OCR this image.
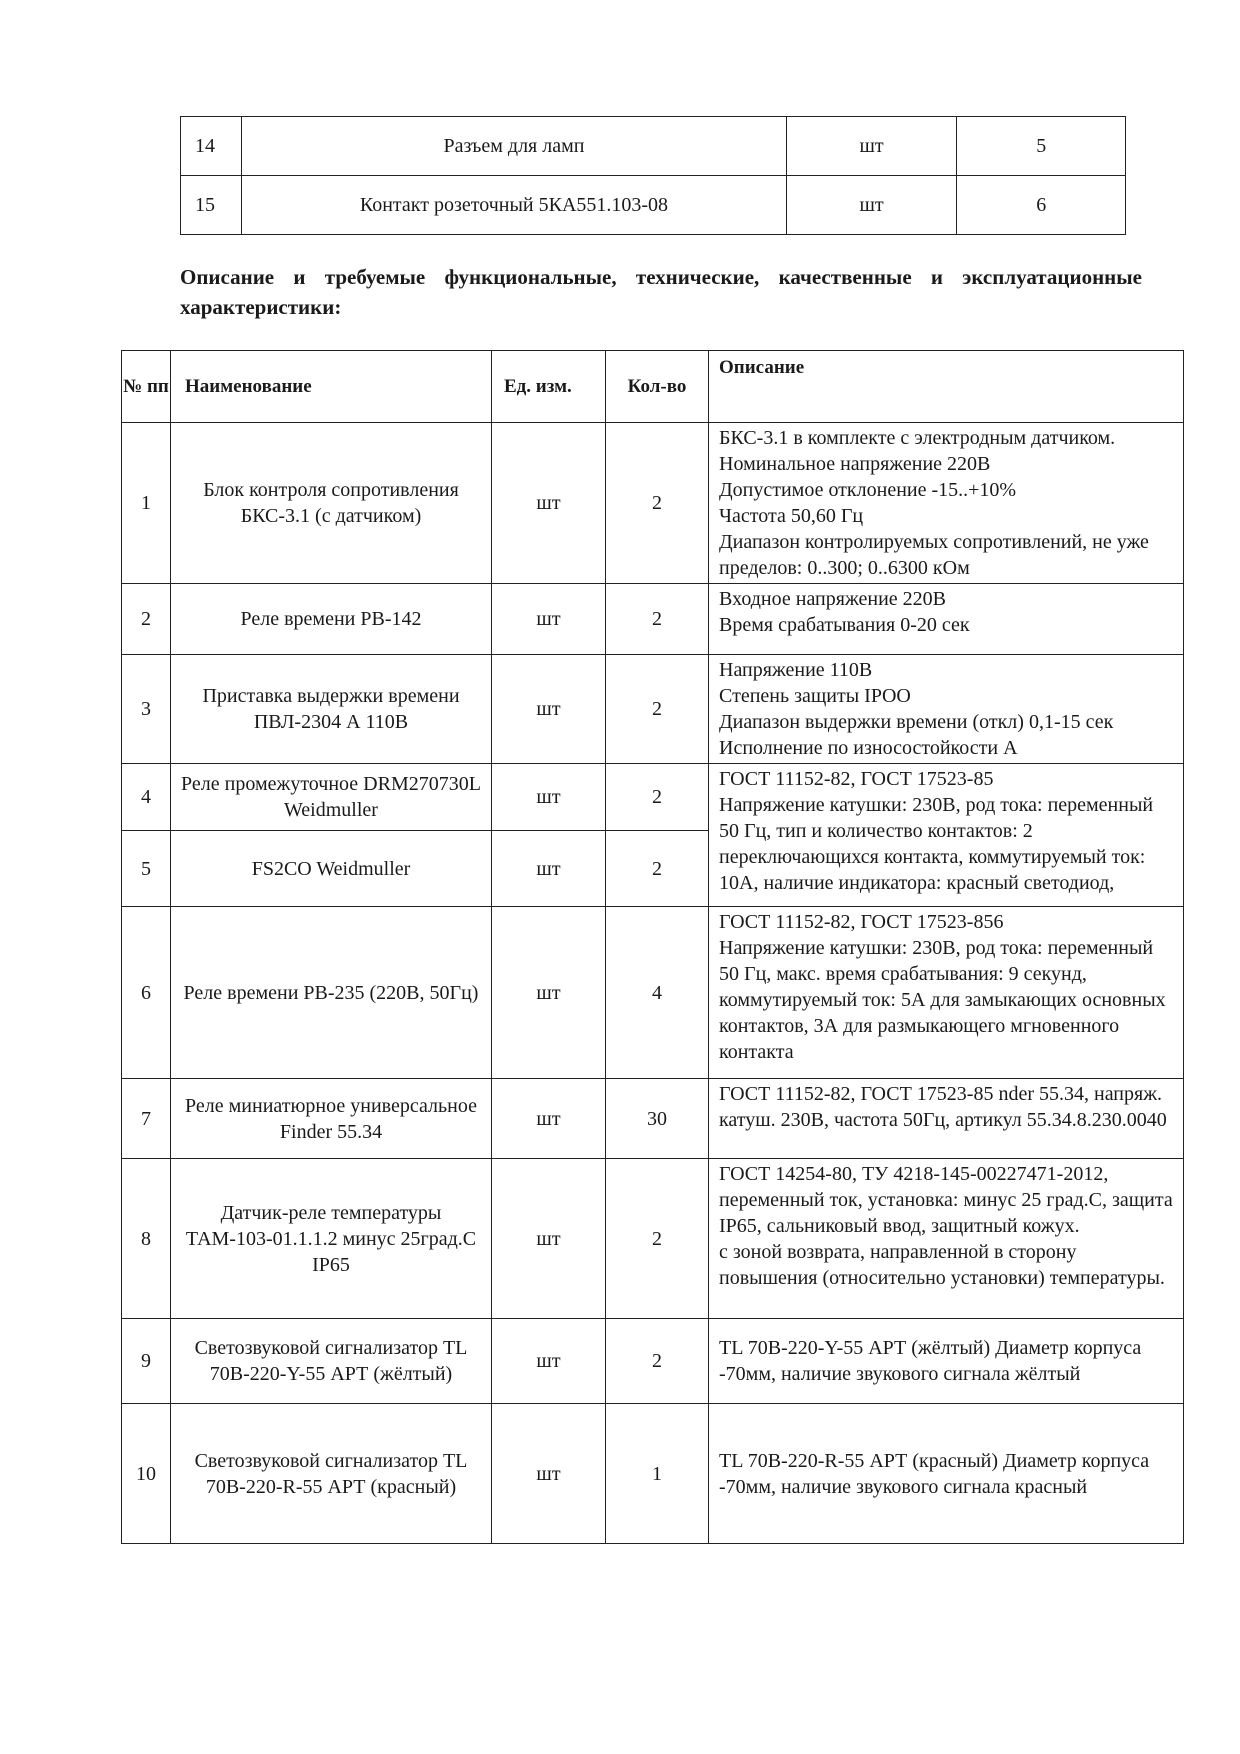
14	Разъем для ламп	шт	5
15	Контакт розеточный 5КА551.103-08	шт	6

Описание и требуемые функциональные, технические, качественные и эксплуатационные характеристики:

№ пп	Наименование	Ед. изм.	Кол-во	Описание
1	Блок контроля сопротивления БКС-3.1 (с датчиком)	шт	2	БКС-3.1 в комплекте с электродным датчиком.
Номинальное напряжение 220В
Допустимое отклонение -15..+10%
Частота 50,60 Гц
Диапазон контролируемых сопротивлений, не уже пределов: 0..300; 0..6300 кОм

2	Реле времени РВ-142	шт	2	Входное напряжение 220В
Время срабатывания 0-20 сек

3	Приставка выдержки времени ПВЛ-2304 А 110В	шт	2	Напряжение 110В
Степень защиты IPОО
Диапазон выдержки времени (откл) 0,1-15 сек
Исполнение по износостойкости А

4	Реле промежуточное DRM270730L Weidmuller	шт	2	ГОСТ 11152-82, ГОСТ 17523-85
Напряжение катушки: 230В, род тока: переменный 50 Гц, тип и количество контактов: 2 переключающихся контакта, коммутируемый ток: 10А, наличие индикатора: красный светодиод,

5	FS2CO Weidmuller	шт	2	
6	Реле времени РВ-235 (220В, 50Гц)	шт	4	ГОСТ 11152-82, ГОСТ 17523-856
Напряжение катушки: 230В, род тока: переменный 50 Гц, макс. время срабатывания: 9 секунд, коммутируемый ток: 5А для замыкающих основных контактов, 3А для размыкающего мгновенного контакта

7	Реле миниатюрное универсальное Finder 55.34	шт	30	ГОСТ 11152-82, ГОСТ 17523-85 nder 55.34, напряж. катуш. 230В, частота 50Гц, артикул 55.34.8.230.0040

8	Датчик-реле температуры ТАМ-103-01.1.1.2 минус 25град.С IP65	шт	2	ГОСТ 14254-80, ТУ 4218-145-00227471-2012, переменный ток, установка: минус 25 град.С, защита IP65, сальниковый ввод, защитный кожух.
с зоной возврата, направленной в сторону повышения (относительно установки) температуры.

9	Светозвуковой сигнализатор TL 70В-220-Y-55 АРТ (жёлтый)	шт	2	TL 70В-220-Y-55 АРТ (жёлтый) Диаметр корпуса -70мм, наличие звукового сигнала жёлтый

10	Светозвуковой сигнализатор TL 70В-220-R-55 АРТ (красный)	шт	1	TL 70В-220-R-55 АРТ (красный) Диаметр корпуса -70мм, наличие звукового сигнала красный
